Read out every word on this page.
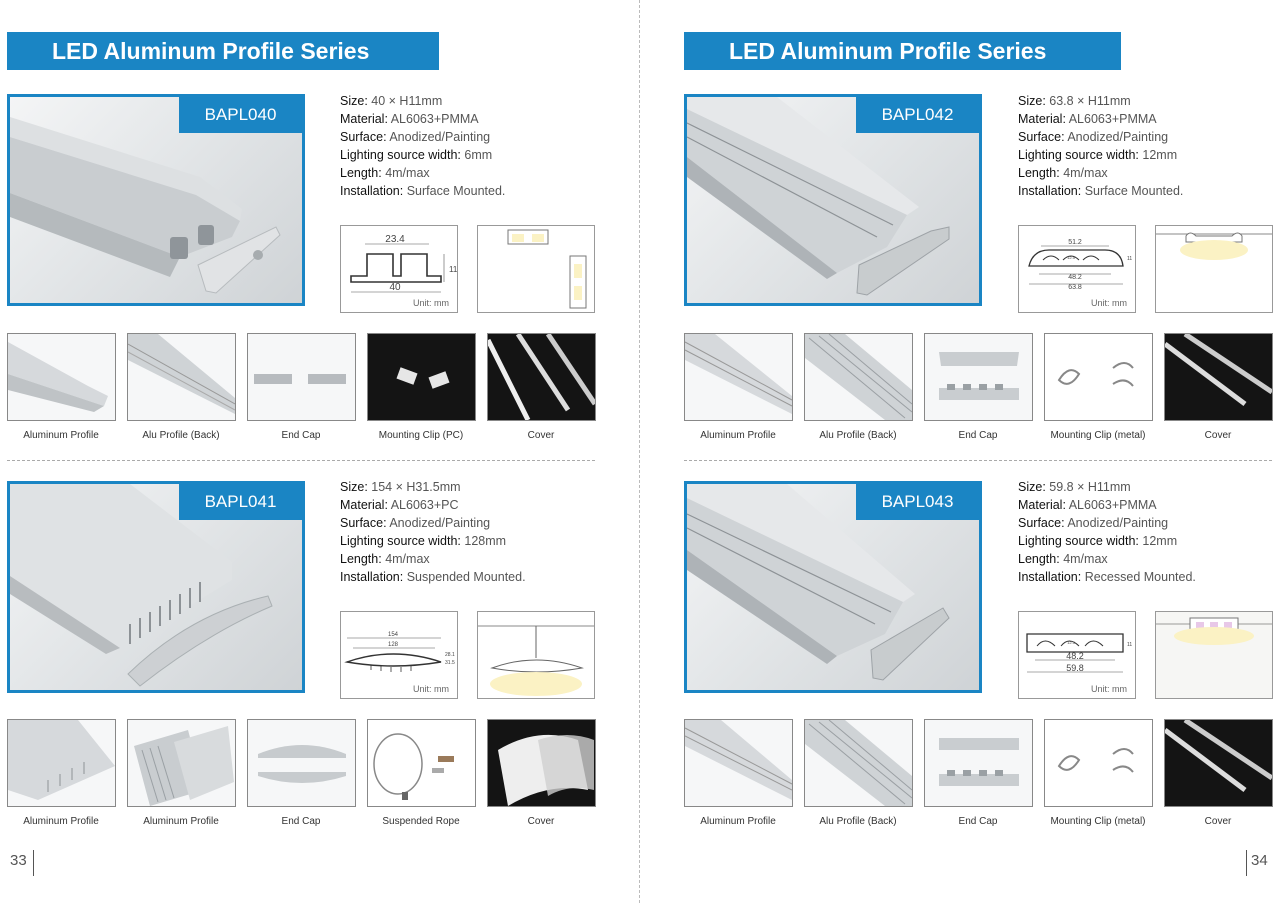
LED Aluminum Profile Series
BAPL040
Size: 40 × H11mm
Material: AL6063+PMMA
Surface: Anodized/Painting
Lighting source width: 6mm
Length: 4m/max
Installation: Surface Mounted.
23.4
11
40
Unit: mm
Aluminum Profile	Alu Profile (Back)	End Cap	Mounting Clip (PC)	Cover
BAPL041
Size: 154 × H31.5mm
Material: AL6063+PC
Surface: Anodized/Painting
Lighting source width: 128mm
Length: 4m/max
Installation: Suspended Mounted.
154
128
31.5
28.1
Unit: mm
Aluminum Profile	Aluminum Profile	End Cap	Suspended Rope	Cover
33
LED Aluminum Profile Series
BAPL042
Size: 63.8 × H11mm
Material: AL6063+PMMA
Surface: Anodized/Painting
Lighting source width: 12mm
Length: 4m/max
Installation: Surface Mounted.
51.2
12.5	11
48.2
63.8
Unit: mm
Aluminum Profile	Alu Profile (Back)	End Cap	Mounting Clip (metal)	Cover
BAPL043
Size: 59.8 × H11mm
Material: AL6063+PMMA
Surface: Anodized/Painting
Lighting source width: 12mm
Length: 4m/max
Installation: Recessed Mounted.
12.5	11
48.2
59.8
Unit: mm
Aluminum Profile	Alu Profile (Back)	End Cap	Mounting Clip (metal)	Cover
34
